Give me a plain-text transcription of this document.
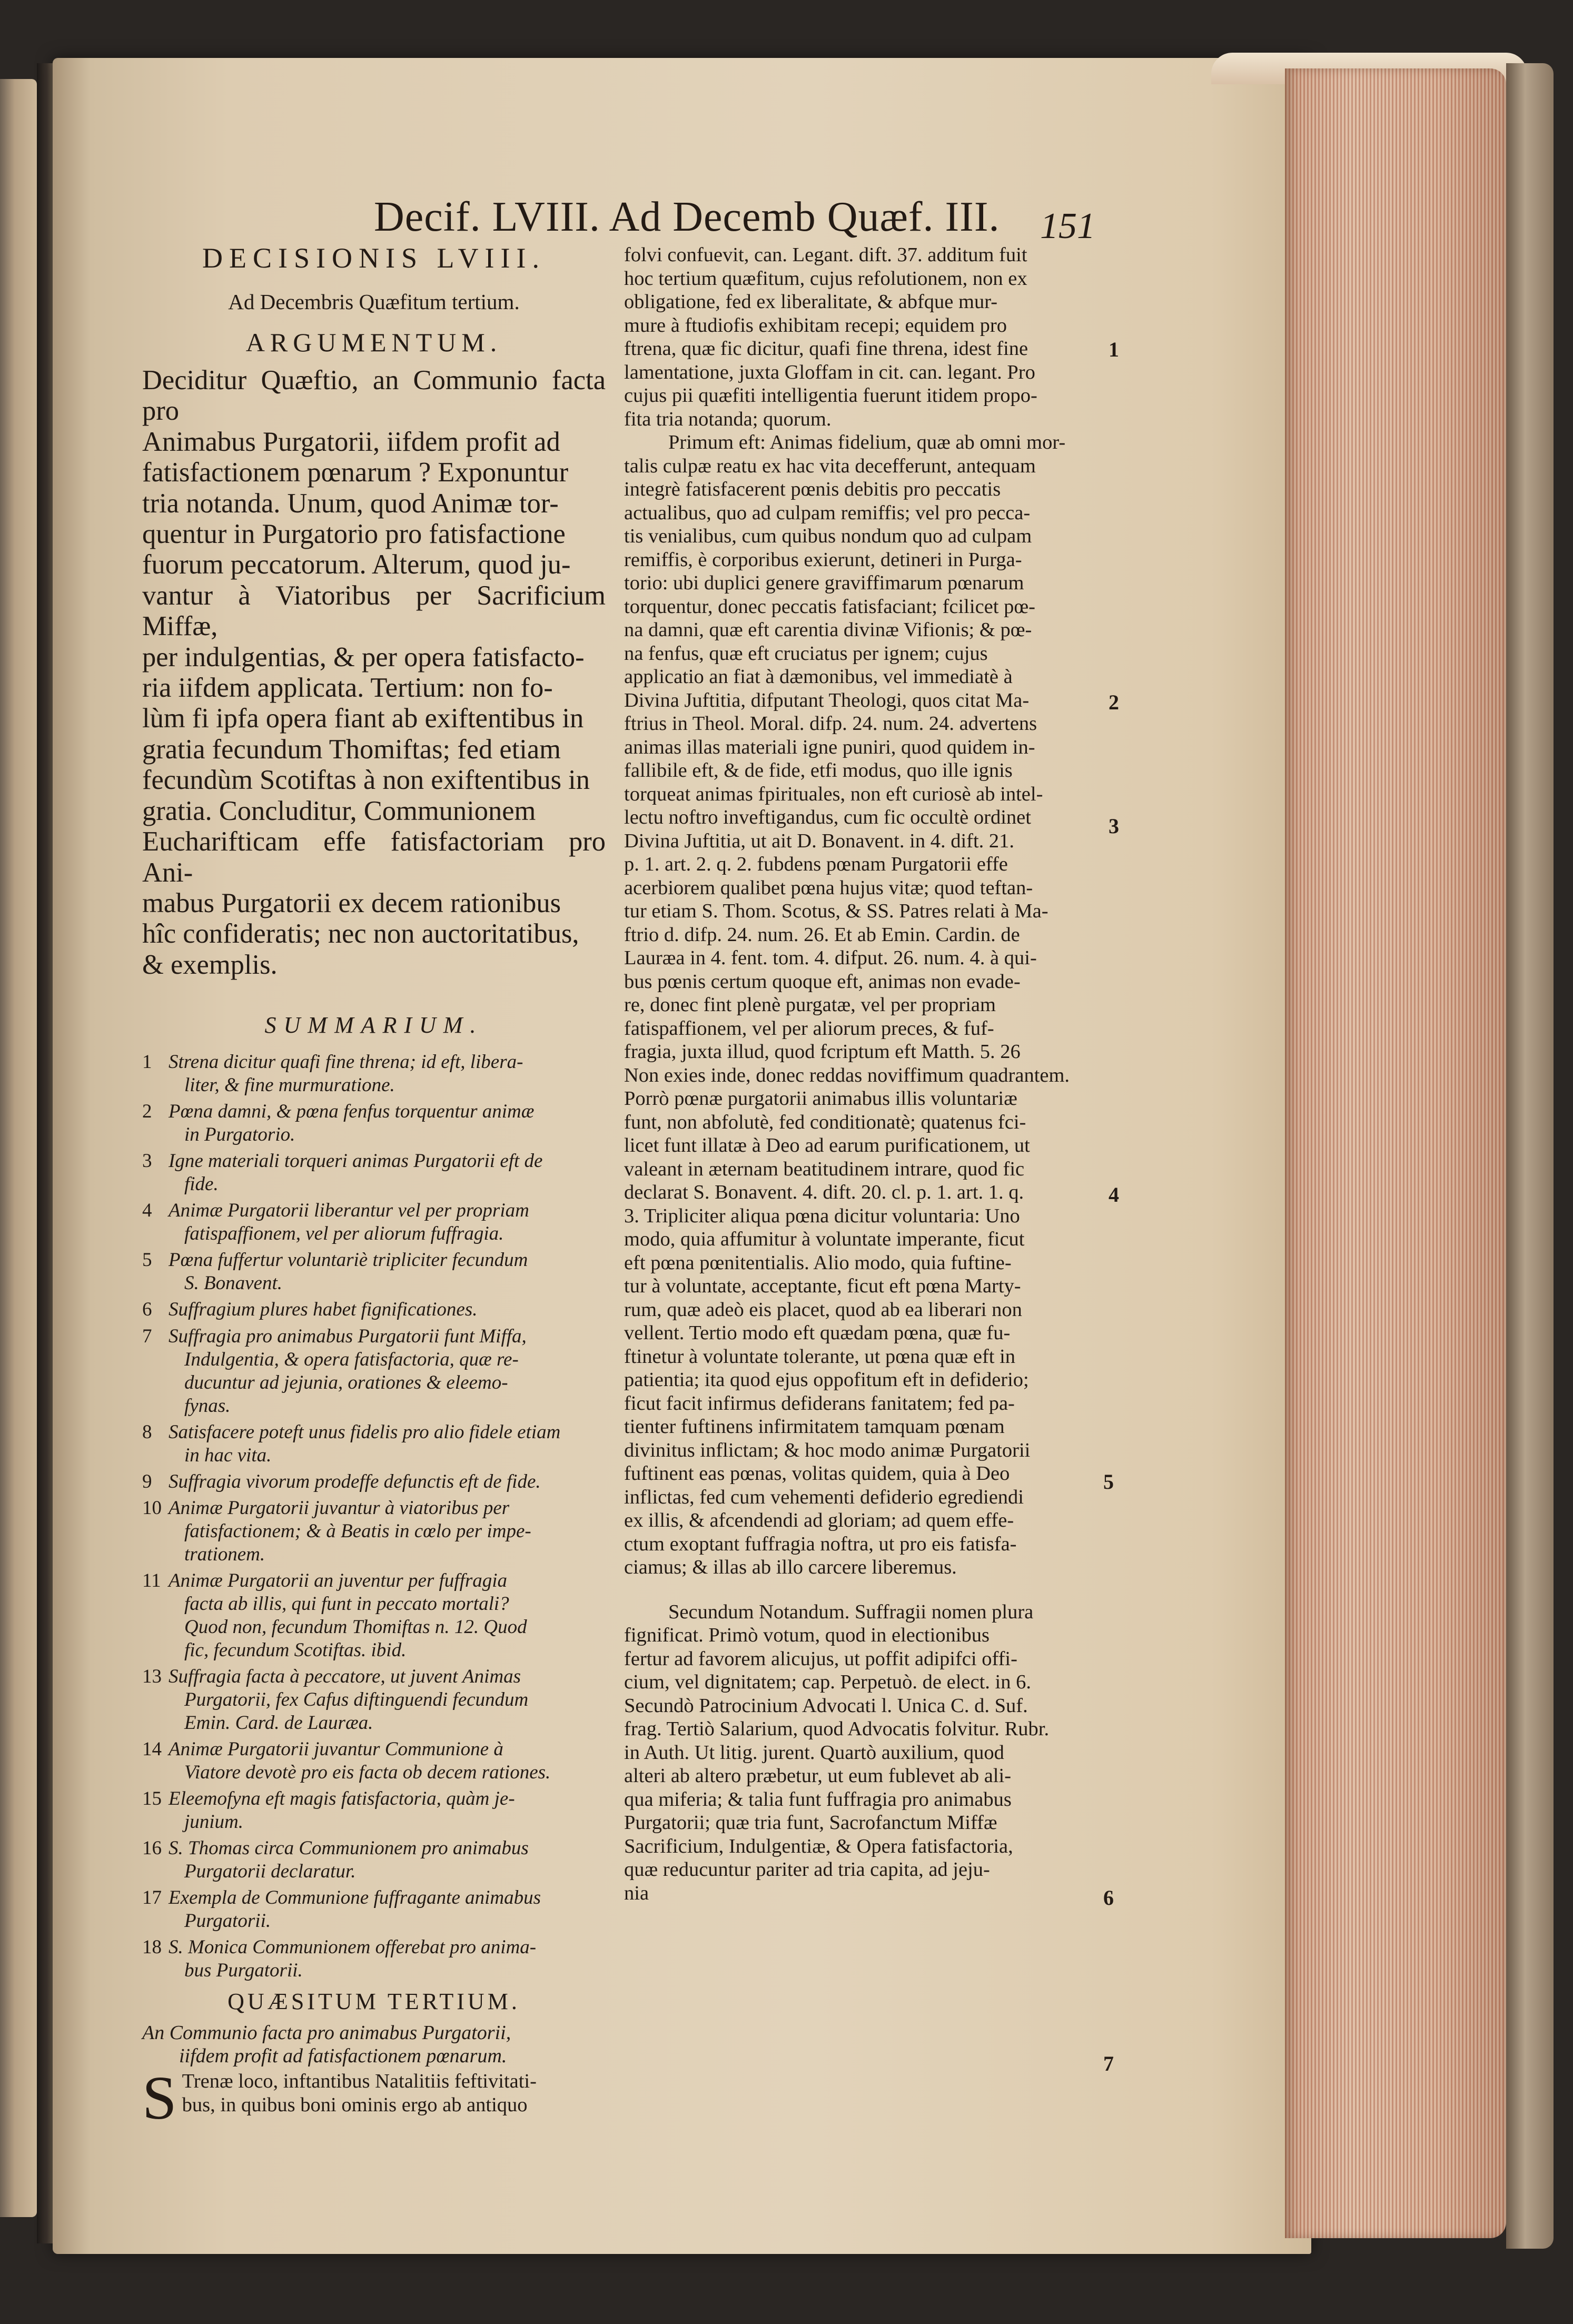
Decif. LVIII. Ad Decemb Quæf. III.	151
DECISIONIS LVIII.
Ad Decembris Quæfitum tertium.
ARGUMENTUM.
Deciditur Quæftio, an Communio facta pro
Animabus Purgatorii, iifdem profit ad
fatisfactionem pœnarum ? Exponuntur
tria notanda. Unum, quod Animæ tor-
quentur in Purgatorio pro fatisfactione
fuorum peccatorum. Alterum, quod ju-
vantur à Viatoribus per Sacrificium Miffæ,
per indulgentias, & per opera fatisfacto-
ria iifdem applicata. Tertium: non fo-
lùm fi ipfa opera fiant ab exiftentibus in
gratia fecundum Thomiftas; fed etiam
fecundùm Scotiftas à non exiftentibus in
gratia. Concluditur, Communionem
Eucharifticam effe fatisfactoriam pro Ani-
mabus Purgatorii ex decem rationibus
hîc confideratis; nec non auctoritatibus,
& exemplis.
SUMMARIUM.
1 Strena dicitur quafi fine threna; id eft, libera-
liter, & fine murmuratione.
2 Pœna damni, & pœna fenfus torquentur animæ
in Purgatorio.
3 Igne materiali torqueri animas Purgatorii eft de
fide.
4 Animæ Purgatorii liberantur vel per propriam
fatispaffionem, vel per aliorum fuffragia.
5 Pœna fuffertur voluntariè tripliciter fecundum
S. Bonavent.
6 Suffragium plures habet fignificationes.
7 Suffragia pro animabus Purgatorii funt Miffa,
Indulgentia, & opera fatisfactoria, quæ re-
ducuntur ad jejunia, orationes & eleemo-
fynas.
8 Satisfacere poteft unus fidelis pro alio fidele etiam
in hac vita.
9 Suffragia vivorum prodeffe defunctis eft de fide.
10 Animæ Purgatorii juvantur à viatoribus per
fatisfactionem; & à Beatis in cœlo per impe-
trationem.
11 Animæ Purgatorii an juventur per fuffragia
facta ab illis, qui funt in peccato mortali?
Quod non, fecundum Thomiftas n. 12. Quod
fic, fecundum Scotiftas. ibid.
13 Suffragia facta à peccatore, ut juvent Animas
Purgatorii, fex Cafus diftinguendi fecundum
Emin. Card. de Lauræa.
14 Animæ Purgatorii juvantur Communione à
Viatore devotè pro eis facta ob decem rationes.
15 Eleemofyna eft magis fatisfactoria, quàm je-
junium.
16 S. Thomas circa Communionem pro animabus
Purgatorii declaratur.
17 Exempla de Communione fuffragante animabus
Purgatorii.
18 S. Monica Communionem offerebat pro anima-
bus Purgatorii.
QUÆSITUM TERTIUM.
An Communio facta pro animabus Purgatorii,
iifdem profit ad fatisfactionem pœnarum.
S Trenæ loco, inftantibus Natalitiis feftivitati-
bus, in quibus boni ominis ergo ab antiquo
folvi confuevit, can. Legant. dift. 37. additum fuit
hoc tertium quæfitum, cujus refolutionem, non ex
obligatione, fed ex liberalitate, & abfque mur-
mure à ftudiofis exhibitam recepi; equidem pro
ftrena, quæ fic dicitur, quafi fine threna, idest fine
lamentatione, juxta Gloffam in cit. can. legant. Pro
cujus pii quæfiti intelligentia fuerunt itidem propo-
fita tria notanda; quorum.
Primum eft: Animas fidelium, quæ ab omni mor-
talis culpæ reatu ex hac vita decefferunt, antequam
integrè fatisfacerent pœnis debitis pro peccatis
actualibus, quo ad culpam remiffis; vel pro pecca-
tis venialibus, cum quibus nondum quo ad culpam
remiffis, è corporibus exierunt, detineri in Purga-
torio: ubi duplici genere graviffimarum pœnarum
torquentur, donec peccatis fatisfaciant; fcilicet pœ-
na damni, quæ eft carentia divinæ Vifionis; & pœ-
na fenfus, quæ eft cruciatus per ignem; cujus
applicatio an fiat à dæmonibus, vel immediatè à
Divina Juftitia, difputant Theologi, quos citat Ma-
ftrius in Theol. Moral. difp. 24. num. 24. advertens
animas illas materiali igne puniri, quod quidem in-
fallibile eft, & de fide, etfi modus, quo ille ignis
torqueat animas fpirituales, non eft curiosè ab intel-
lectu noftro inveftigandus, cum fic occultè ordinet
Divina Juftitia, ut ait D. Bonavent. in 4. dift. 21.
p. 1. art. 2. q. 2. fubdens pœnam Purgatorii effe
acerbiorem qualibet pœna hujus vitæ; quod teftan-
tur etiam S. Thom. Scotus, & SS. Patres relati à Ma-
ftrio d. difp. 24. num. 26. Et ab Emin. Cardin. de
Lauræa in 4. fent. tom. 4. difput. 26. num. 4. à qui-
bus pœnis certum quoque eft, animas non evade-
re, donec fint plenè purgatæ, vel per propriam
fatispaffionem, vel per aliorum preces, & fuf-
fragia, juxta illud, quod fcriptum eft Matth. 5. 26
Non exies inde, donec reddas noviffimum quadrantem.
Porrò pœnæ purgatorii animabus illis voluntariæ
funt, non abfolutè, fed conditionatè; quatenus fci-
licet funt illatæ à Deo ad earum purificationem, ut
valeant in æternam beatitudinem intrare, quod fic
declarat S. Bonavent. 4. dift. 20. cl. p. 1. art. 1. q.
3. Tripliciter aliqua pœna dicitur voluntaria: Uno
modo, quia affumitur à voluntate imperante, ficut
eft pœna pœnitentialis. Alio modo, quia fuftine-
tur à voluntate, acceptante, ficut eft pœna Marty-
rum, quæ adeò eis placet, quod ab ea liberari non
vellent. Tertio modo eft quædam pœna, quæ fu-
ftinetur à voluntate tolerante, ut pœna quæ eft in
patientia; ita quod ejus oppofitum eft in defiderio;
ficut facit infirmus defiderans fanitatem; fed pa-
tienter fuftinens infirmitatem tamquam pœnam
divinitus inflictam; & hoc modo animæ Purgatorii
fuftinent eas pœnas, volitas quidem, quia à Deo
inflictas, fed cum vehementi defiderio egrediendi
ex illis, & afcendendi ad gloriam; ad quem effe-
ctum exoptant fuffragia noftra, ut pro eis fatisfa-
ciamus; & illas ab illo carcere liberemus.
Secundum Notandum. Suffragii nomen plura
fignificat. Primò votum, quod in electionibus
fertur ad favorem alicujus, ut poffit adipifci offi-
cium, vel dignitatem; cap. Perpetuò. de elect. in 6.
Secundò Patrocinium Advocati l. Unica C. d. Suf.
frag. Tertiò Salarium, quod Advocatis folvitur. Rubr.
in Auth. Ut litig. jurent. Quartò auxilium, quod
alteri ab altero præbetur, ut eum fublevet ab ali-
qua miferia; & talia funt fuffragia pro animabus
Purgatorii; quæ tria funt, Sacrofanctum Miffæ
Sacrificium, Indulgentiæ, & Opera fatisfactoria,
quæ reducuntur pariter ad tria capita, ad jeju-
nia
1
2
3
4
5
6
7
